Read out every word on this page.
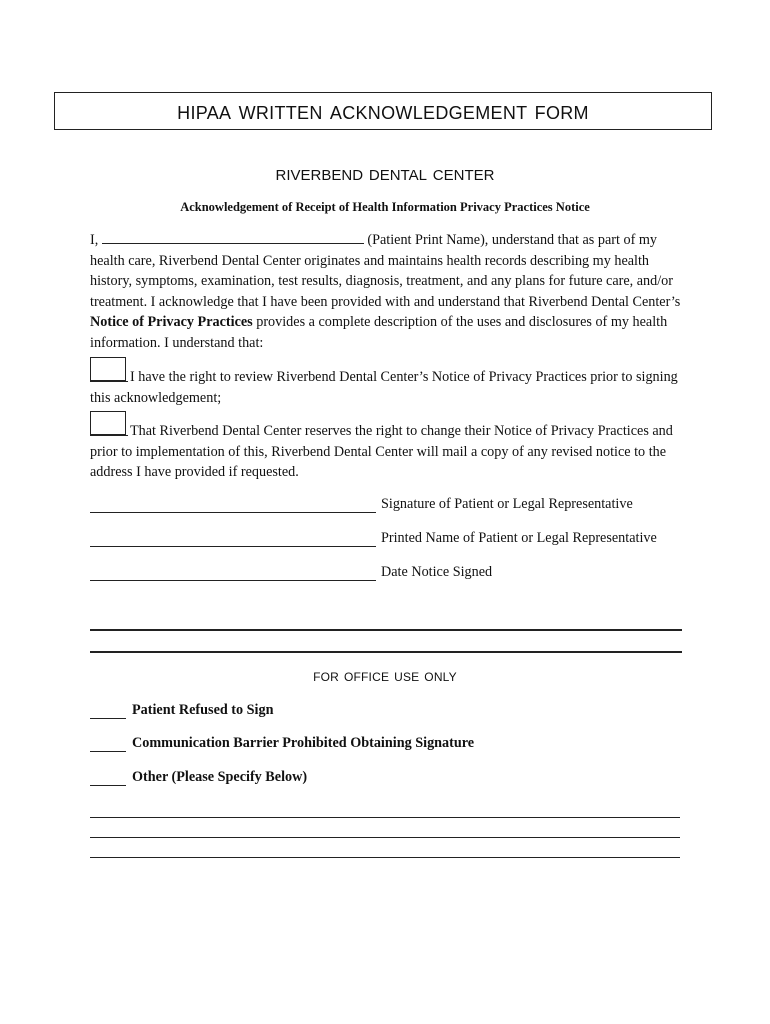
hipaa written acknowledgement form
riverbend dental center
Acknowledgement of Receipt of Health Information Privacy Practices Notice
I,	(Patient Print Name), understand that as part of my health care, Riverbend Dental Center originates and maintains health records describing my health history, symptoms, examination, test results, diagnosis, treatment, and any plans for future care, and/or treatment. I acknowledge that I have been provided with and understand that Riverbend Dental Center’s Notice of Privacy Practices provides a complete description of the uses and disclosures of my health information. I understand that:
I have the right to review Riverbend Dental Center’s Notice of Privacy Practices prior to signing this acknowledgement;
That Riverbend Dental Center reserves the right to change their Notice of Privacy Practices and prior to implementation of this, Riverbend Dental Center will mail a copy of any revised notice to the address I have provided if requested.
Signature of Patient or Legal Representative
Printed Name of Patient or Legal Representative
Date Notice Signed
for office use only
Patient Refused to Sign
Communication Barrier Prohibited Obtaining Signature
Other (Please Specify Below)
